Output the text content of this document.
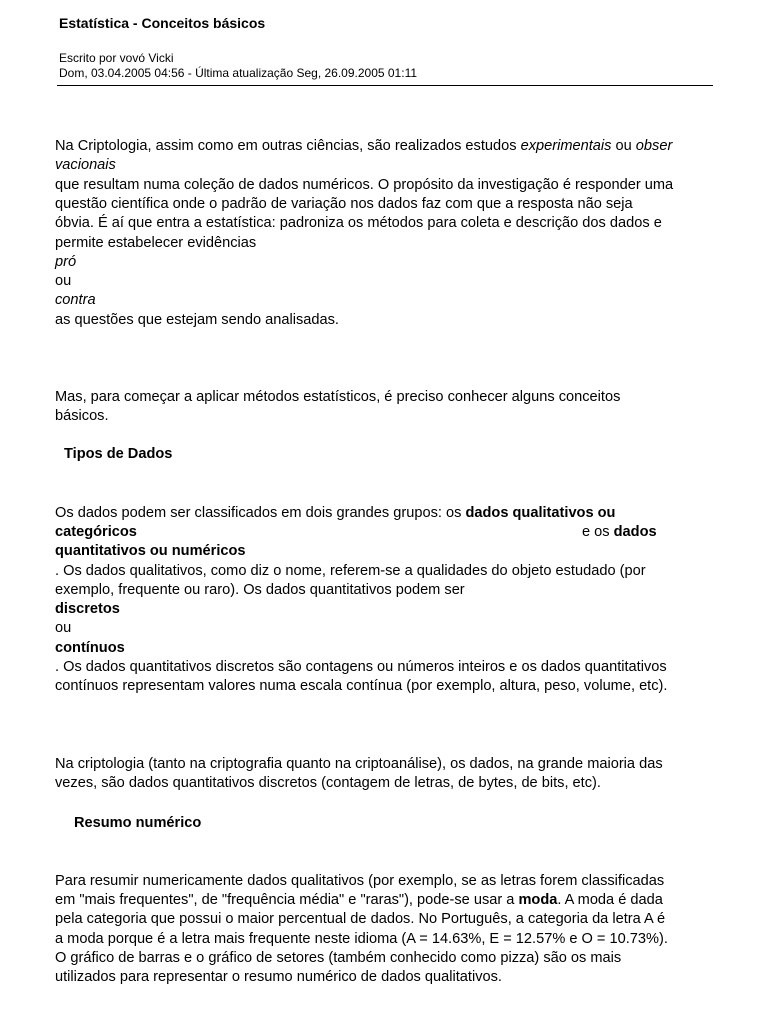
Estatística - Conceitos básicos
Escrito por vovó Vicki
Dom, 03.04.2005 04:56 - Última atualização Seg, 26.09.2005 01:11
Na Criptologia, assim como em outras ciências, são realizados estudos experimentais ou obser
vacionais
que resultam numa coleção de dados numéricos. O propósito da investigação é responder uma
questão científica onde o padrão de variação nos dados faz com que a resposta não seja
óbvia. É aí que entra a estatística: padroniza os métodos para coleta e descrição dos dados e
permite estabelecer evidências
pró
ou
contra
as questões que estejam sendo analisadas.
Mas, para começar a aplicar métodos estatísticos, é preciso conhecer alguns conceitos
básicos.
Tipos de Dados
Os dados podem ser classificados em dois grandes grupos: os dados qualitativos ou
categóricos	e os dados
quantitativos ou numéricos
. Os dados qualitativos, como diz o nome, referem-se a qualidades do objeto estudado (por
exemplo, frequente ou raro). Os dados quantitativos podem ser
discretos
ou
contínuos
. Os dados quantitativos discretos são contagens ou números inteiros e os dados quantitativos
contínuos representam valores numa escala contínua (por exemplo, altura, peso, volume, etc).
Na criptologia (tanto na criptografia quanto na criptoanálise), os dados, na grande maioria das
vezes, são dados quantitativos discretos (contagem de letras, de bytes, de bits, etc).
Resumo numérico
Para resumir numericamente dados qualitativos (por exemplo, se as letras forem classificadas
em "mais frequentes", de "frequência média" e "raras"), pode-se usar a moda. A moda é dada
pela categoria que possui o maior percentual de dados. No Português, a categoria da letra A é
a moda porque é a letra mais frequente neste idioma (A = 14.63%, E = 12.57% e O = 10.73%).
O gráfico de barras e o gráfico de setores (também conhecido como pizza) são os mais
utilizados para representar o resumo numérico de dados qualitativos.
